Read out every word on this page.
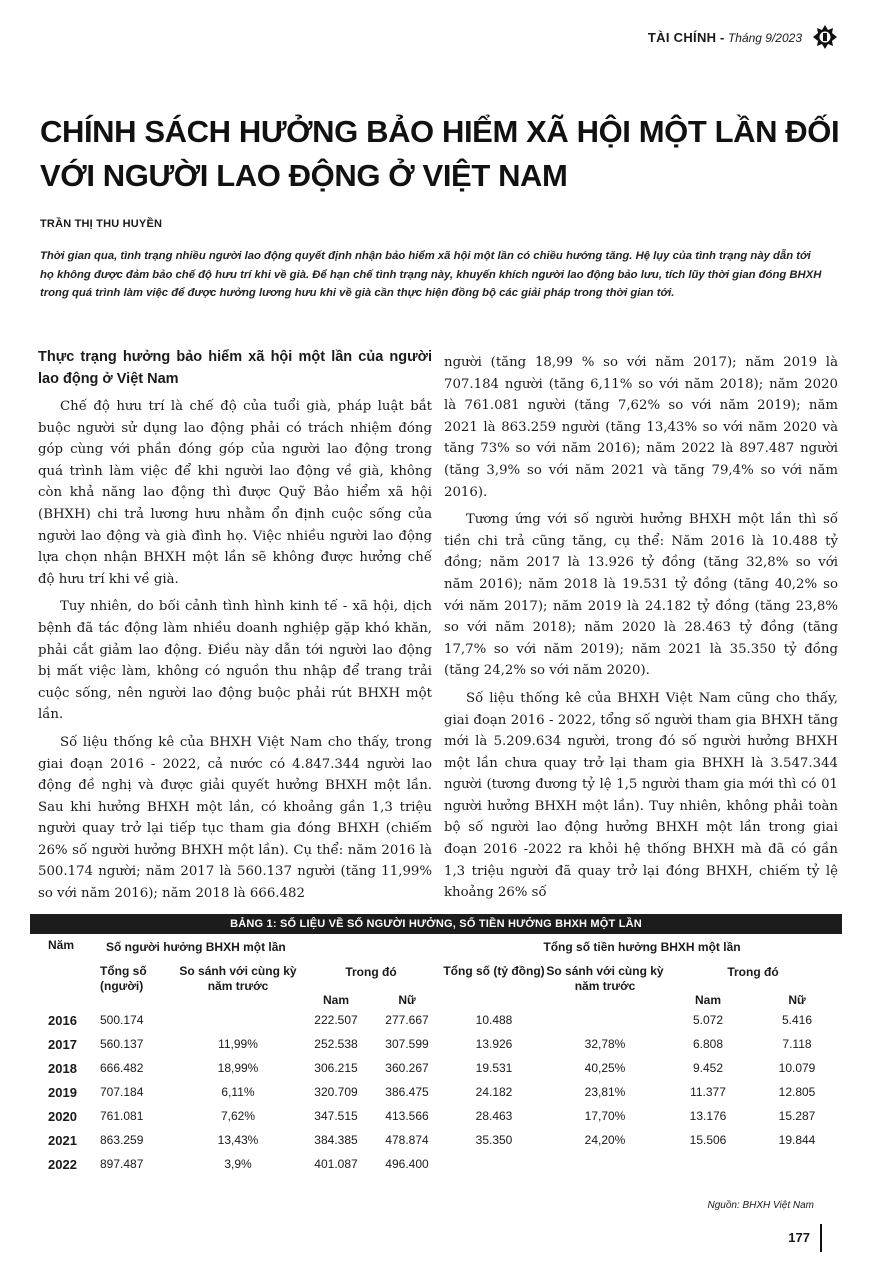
TÀI CHÍNH - Tháng 9/2023
CHÍNH SÁCH HƯỞNG BẢO HIỂM XÃ HỘI MỘT LẦN ĐỐI VỚI NGƯỜI LAO ĐỘNG Ở VIỆT NAM
TRẦN THỊ THU HUYỀN

Thời gian qua, tình trạng nhiều người lao động quyết định nhận bảo hiểm xã hội một lần có chiều hướng tăng. Hệ lụy của tình trạng này dẫn tới họ không được đảm bảo chế độ hưu trí khi về già. Để hạn chế tình trạng này, khuyến khích người lao động bảo lưu, tích lũy thời gian đóng BHXH trong quá trình làm việc để được hưởng lương hưu khi về già cần thực hiện đồng bộ các giải pháp trong thời gian tới.

Thực trạng hưởng bảo hiểm xã hội một lần của người lao động ở Việt Nam

Chế độ hưu trí là chế độ của tuổi già, pháp luật bắt buộc người sử dụng lao động phải có trách nhiệm đóng góp cùng với phần đóng góp của người lao động trong quá trình làm việc để khi người lao động về già, không còn khả năng lao động thì được Quỹ Bảo hiểm xã hội (BHXH) chi trả lương hưu nhằm ổn định cuộc sống của người lao động và già đình họ. Việc nhiều người lao động lựa chọn nhận BHXH một lần sẽ không được hưởng chế độ hưu trí khi về già.

Tuy nhiên, do bối cảnh tình hình kinh tế - xã hội, dịch bệnh đã tác động làm nhiều doanh nghiệp gặp khó khăn, phải cắt giảm lao động. Điều này dẫn tới người lao động bị mất việc làm, không có nguồn thu nhập để trang trải cuộc sống, nên người lao động buộc phải rút BHXH một lần.

Số liệu thống kê của BHXH Việt Nam cho thấy, trong giai đoạn 2016 - 2022, cả nước có 4.847.344 người lao động đề nghị và được giải quyết hưởng BHXH một lần. Sau khi hưởng BHXH một lần, có khoảng gần 1,3 triệu người quay trở lại tiếp tục tham gia đóng BHXH (chiếm 26% số người hưởng BHXH một lần). Cụ thể: năm 2016 là 500.174 người; năm 2017 là 560.137 người (tăng 11,99% so với năm 2016); năm 2018 là 666.482

người (tăng 18,99 % so với năm 2017); năm 2019 là 707.184 người (tăng 6,11% so với năm 2018); năm 2020 là 761.081 người (tăng 7,62% so với năm 2019); năm 2021 là 863.259 người (tăng 13,43% so với năm 2020 và tăng 73% so với năm 2016); năm 2022 là 897.487 người (tăng 3,9% so với năm 2021 và tăng 79,4% so với năm 2016).

Tương ứng với số người hưởng BHXH một lần thì số tiền chi trả cũng tăng, cụ thể: Năm 2016 là 10.488 tỷ đồng; năm 2017 là 13.926 tỷ đồng (tăng 32,8% so với năm 2016); năm 2018 là 19.531 tỷ đồng (tăng 40,2% so với năm 2017); năm 2019 là 24.182 tỷ đồng (tăng 23,8% so với năm 2018); năm 2020 là 28.463 tỷ đồng (tăng 17,7% so với năm 2019); năm 2021 là 35.350 tỷ đồng (tăng 24,2% so với năm 2020).

Số liệu thống kê của BHXH Việt Nam cũng cho thấy, giai đoạn 2016 - 2022, tổng số người tham gia BHXH tăng mới là 5.209.634 người, trong đó số người hưởng BHXH một lần chưa quay trở lại tham gia BHXH là 3.547.344 người (tương đương tỷ lệ 1,5 người tham gia mới thì có 01 người hưởng BHXH một lần). Tuy nhiên, không phải toàn bộ số người lao động hưởng BHXH một lần trong giai đoạn 2016 -2022 ra khỏi hệ thống BHXH mà đã có gần 1,3 triệu người đã quay trở lại đóng BHXH, chiếm tỷ lệ khoảng 26% số

BẢNG 1: SỐ LIỆU VỀ SỐ NGƯỜI HƯỞNG, SỐ TIỀN HƯỞNG BHXH MỘT LẦN
Năm	Số người hưởng BHXH một lần				Tổng số tiền hưởng BHXH một lần			
	Tổng số (người)	So sánh với cùng kỳ năm trước	Trong đó		Tổng số (tỷ đồng)	So sánh với cùng kỳ năm trước	Trong đó	
			Nam	Nữ			Nam	Nữ
2016	500.174		222.507	277.667	10.488		5.072	5.416
2017	560.137	11,99%	252.538	307.599	13.926	32,78%	6.808	7.118
2018	666.482	18,99%	306.215	360.267	19.531	40,25%	9.452	10.079
2019	707.184	6,11%	320.709	386.475	24.182	23,81%	11.377	12.805
2020	761.081	7,62%	347.515	413.566	28.463	17,70%	13.176	15.287
2021	863.259	13,43%	384.385	478.874	35.350	24,20%	15.506	19.844
2022	897.487	3,9%	401.087	496.400				
Nguồn: BHXH Việt Nam
177
